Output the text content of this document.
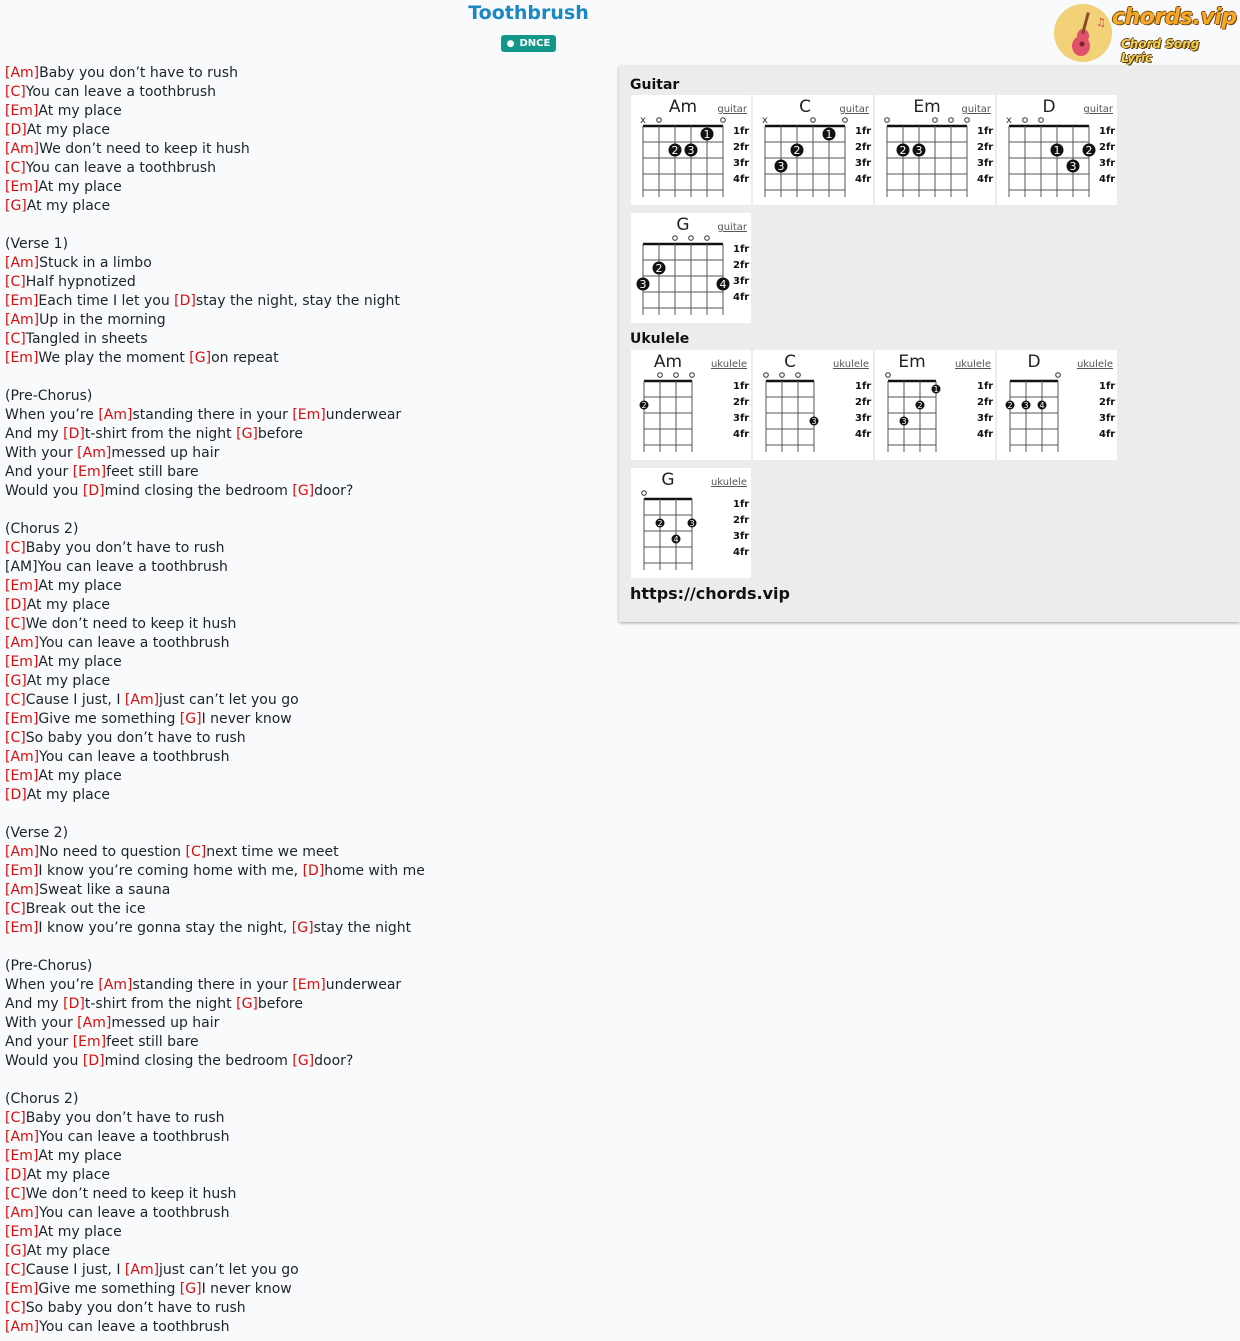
Toothbrush
● DNCE
♫ chords.vip
Chord Song Lyric
[Am]Baby you don’t have to rush
[C]You can leave a toothbrush
[Em]At my place
[D]At my place
[Am]We don’t need to keep it hush
[C]You can leave a toothbrush
[Em]At my place
[G]At my place
(Verse 1)
[Am]Stuck in a limbo
[C]Half hypnotized
[Em]Each time I let you [D]stay the night, stay the night
[Am]Up in the morning
[C]Tangled in sheets
[Em]We play the moment [G]on repeat
(Pre-Chorus)
When you’re [Am]standing there in your [Em]underwear
And my [D]t-shirt from the night [G]before
With your [Am]messed up hair
And your [Em]feet still bare
Would you [D]mind closing the bedroom [G]door?
(Chorus 2)
[C]Baby you don’t have to rush
[AM]You can leave a toothbrush
[Em]At my place
[D]At my place
[C]We don’t need to keep it hush
[Am]You can leave a toothbrush
[Em]At my place
[G]At my place
[C]Cause I just, I [Am]just can’t let you go
[Em]Give me something [G]I never know
[C]So baby you don’t have to rush
[Am]You can leave a toothbrush
[Em]At my place
[D]At my place
(Verse 2)
[Am]No need to question [C]next time we meet
[Em]I know you’re coming home with me, [D]home with me
[Am]Sweat like a sauna
[C]Break out the ice
[Em]I know you’re gonna stay the night, [G]stay the night
(Pre-Chorus)
When you’re [Am]standing there in your [Em]underwear
And my [D]t-shirt from the night [G]before
With your [Am]messed up hair
And your [Em]feet still bare
Would you [D]mind closing the bedroom [G]door?
(Chorus 2)
[C]Baby you don’t have to rush
[Am]You can leave a toothbrush
[Em]At my place
[D]At my place
[C]We don’t need to keep it hush
[Am]You can leave a toothbrush
[Em]At my place
[G]At my place
[C]Cause I just, I [Am]just can’t let you go
[Em]Give me something [G]I never know
[C]So baby you don’t have to rush
[Am]You can leave a toothbrush
Guitar
Am guitar
1fr
2fr
3fr
4fr
x
1
2 3
C	guitar
1fr
2fr
3fr
4fr
x
1
2
3
Em guitar
1fr
2fr
3fr
4fr
2 3
D	guitar
1fr
2fr
3fr
4fr
x
1 2
3
G	guitar
1fr
2fr
3fr
4fr
2
3	4
Ukulele
Am	ukulele
1fr
2fr
3fr
4fr
2
C	ukulele
1fr
2fr
3fr
4fr
3
Em	ukulele
1fr
2fr
3fr
4fr
1
2
3
D	ukulele
1fr
2fr
3fr
4fr
2 3 4
G	ukulele
1fr
2fr
3fr
4fr
2	3
4
https://chords.vip
